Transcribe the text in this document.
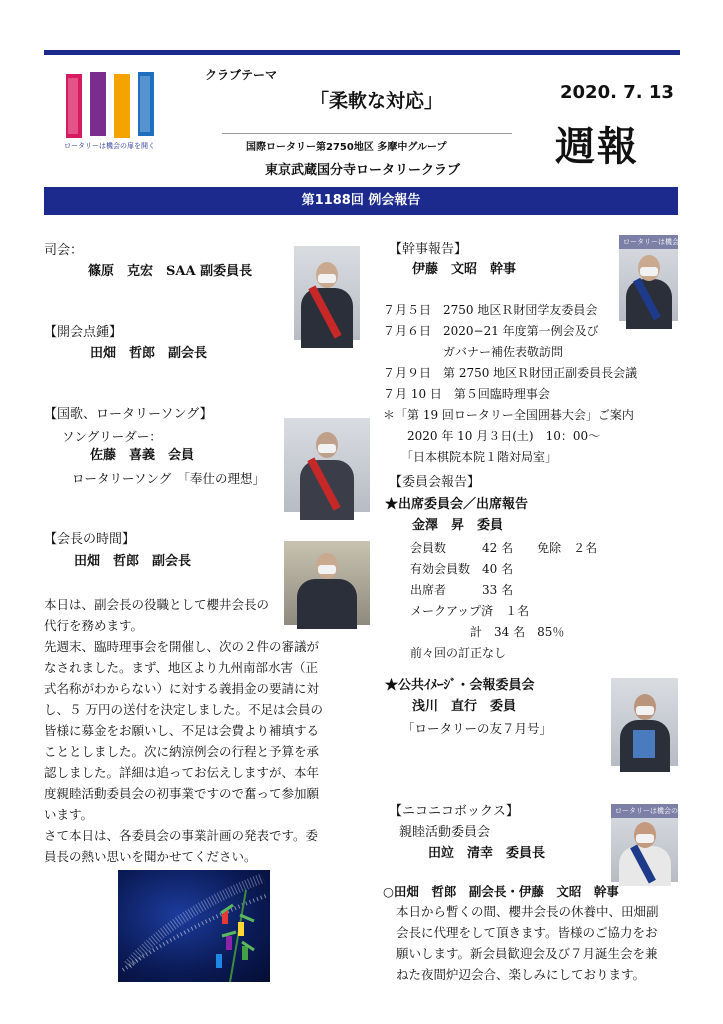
ロータリーは機会の扉を開く
クラブテーマ
「柔軟な対応」
国際ロータリー第2750地区 多摩中グループ
東京武蔵国分寺ロータリークラブ
2020. 7. 13
週報
第1188回 例会報告
司会：
篠原　克宏　SAA 副委員長
【開会点鍾】
田畑　哲郎　副会長
【国歌、ロータリーソング】
ソングリーダー：
佐藤　喜義　会員
ロータリーソング　「奉仕の理想」
【会長の時間】
田畑　哲郎　副会長
本日は、副会長の役職として櫻井会長の
代行を務めます。
先週末、臨時理事会を開催し、次の２件の審議が
なされました。まず、地区より九州南部水害（正
式名称がわからない）に対する義捐金の要請に対
し、５ 万円の送付を決定しました。不足は会員の
皆様に募金をお願いし、不足は会費より補填する
こととしました。次に納涼例会の行程と予算を承
認しました。詳細は追ってお伝えしますが、本年
度親睦活動委員会の初事業ですので奮って参加願
います。
さて本日は、各委員会の事業計画の発表です。委
員長の熱い思いを聞かせてください。
【幹事報告】
伊藤　文昭　幹事
ロータリーは機会の
７月５日　2750 地区Ｒ財団学友委員会
７月６日　2020−21 年度第一例会及び
　　　　　ガバナー補佐表敬訪問
７月９日　第 2750 地区Ｒ財団正副委員長会議
７月 10 日　第５回臨時理事会
＊「第 19 回ロータリー全国囲碁大会」ご案内
　　2020 年 10 月３日(土)　10：00～
　　「日本棋院本院１階対局室」
【委員会報告】
★出席委員会／出席報告
金澤　昇　委員
会員数　　　42 名　　免除　２名
有効会員数　40 名
出席者　　　33 名
メークアップ済　１名
　　　　　計　34 名　85％
前々回の訂正なし
★公共ｲﾒｰｼﾞ・会報委員会
浅川　直行　委員
「ロータリーの友７月号」
【ニコニコボックス】
親睦活動委員会
田竝　清幸　委員長
ロータリーは機会の扉
○田畑　哲郎　副会長・伊藤　文昭　幹事
本日から暫くの間、櫻井会長の休養中、田畑副
会長に代理をして頂きます。皆様のご協力をお
願いします。新会員歓迎会及び７月誕生会を兼
ねた夜間炉辺会合、楽しみにしております。
